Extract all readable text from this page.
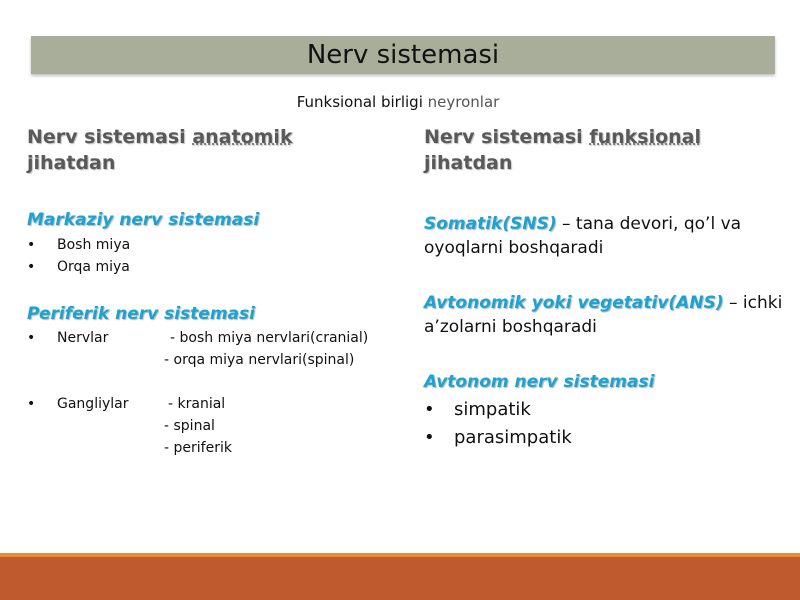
Nerv sistemasi
Funksional birligi neyronlar
Nerv sistemasi anatomik
jihatdan
Markaziy nerv sistemasi
• Bosh miya
• Orqa miya
Periferik nerv sistemasi
• Nervlar	- bosh miya nervlari(cranial)
- orqa miya nervlari(spinal)
• Gangliylar	- kranial
- spinal
- periferik
Nerv sistemasi funksional
jihatdan
Somatik(SNS) – tana devori, qo’l va oyoqlarni boshqaradi
Avtonomik yoki vegetativ(ANS) – ichki a’zolarni boshqaradi
Avtonom nerv sistemasi
• simpatik
• parasimpatik
